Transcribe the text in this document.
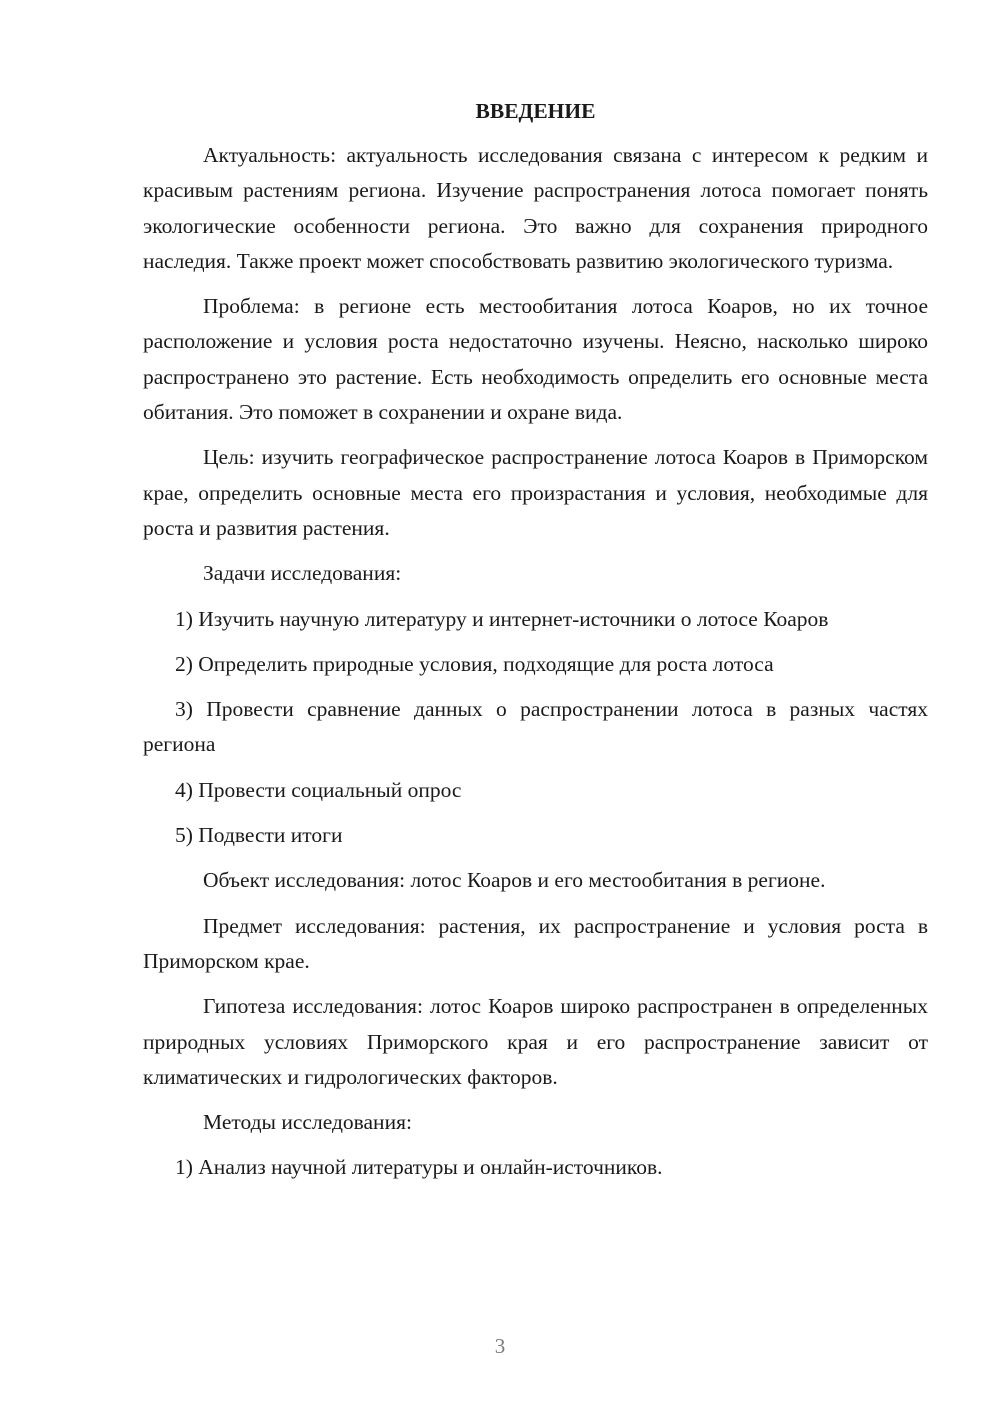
ВВЕДЕНИЕ

Актуальность: актуальность исследования связана с интересом к редким и красивым растениям региона. Изучение распространения лотоса помогает понять экологические особенности региона. Это важно для сохранения природного наследия. Также проект может способствовать развитию экологического туризма.

Проблема: в регионе есть местообитания лотоса Коаров, но их точное расположение и условия роста недостаточно изучены. Неясно, насколько широко распространено это растение. Есть необходимость определить его основные места обитания. Это поможет в сохранении и охране вида.

Цель: изучить географическое распространение лотоса Коаров в Приморском крае, определить основные места его произрастания и условия, необходимые для роста и развития растения.

Задачи исследования:

1) Изучить научную литературу и интернет-источники о лотосе Коаров

2) Определить природные условия, подходящие для роста лотоса

3) Провести сравнение данных о распространении лотоса в разных частях региона

4) Провести социальный опрос

5) Подвести итоги

Объект исследования: лотос Коаров и его местообитания в регионе.

Предмет исследования: растения, их распространение и условия роста в Приморском крае.

Гипотеза исследования: лотос Коаров широко распространен в определенных природных условиях Приморского края и его распространение зависит от климатических и гидрологических факторов.

Методы исследования:

1) Анализ научной литературы и онлайн-источников.

3
